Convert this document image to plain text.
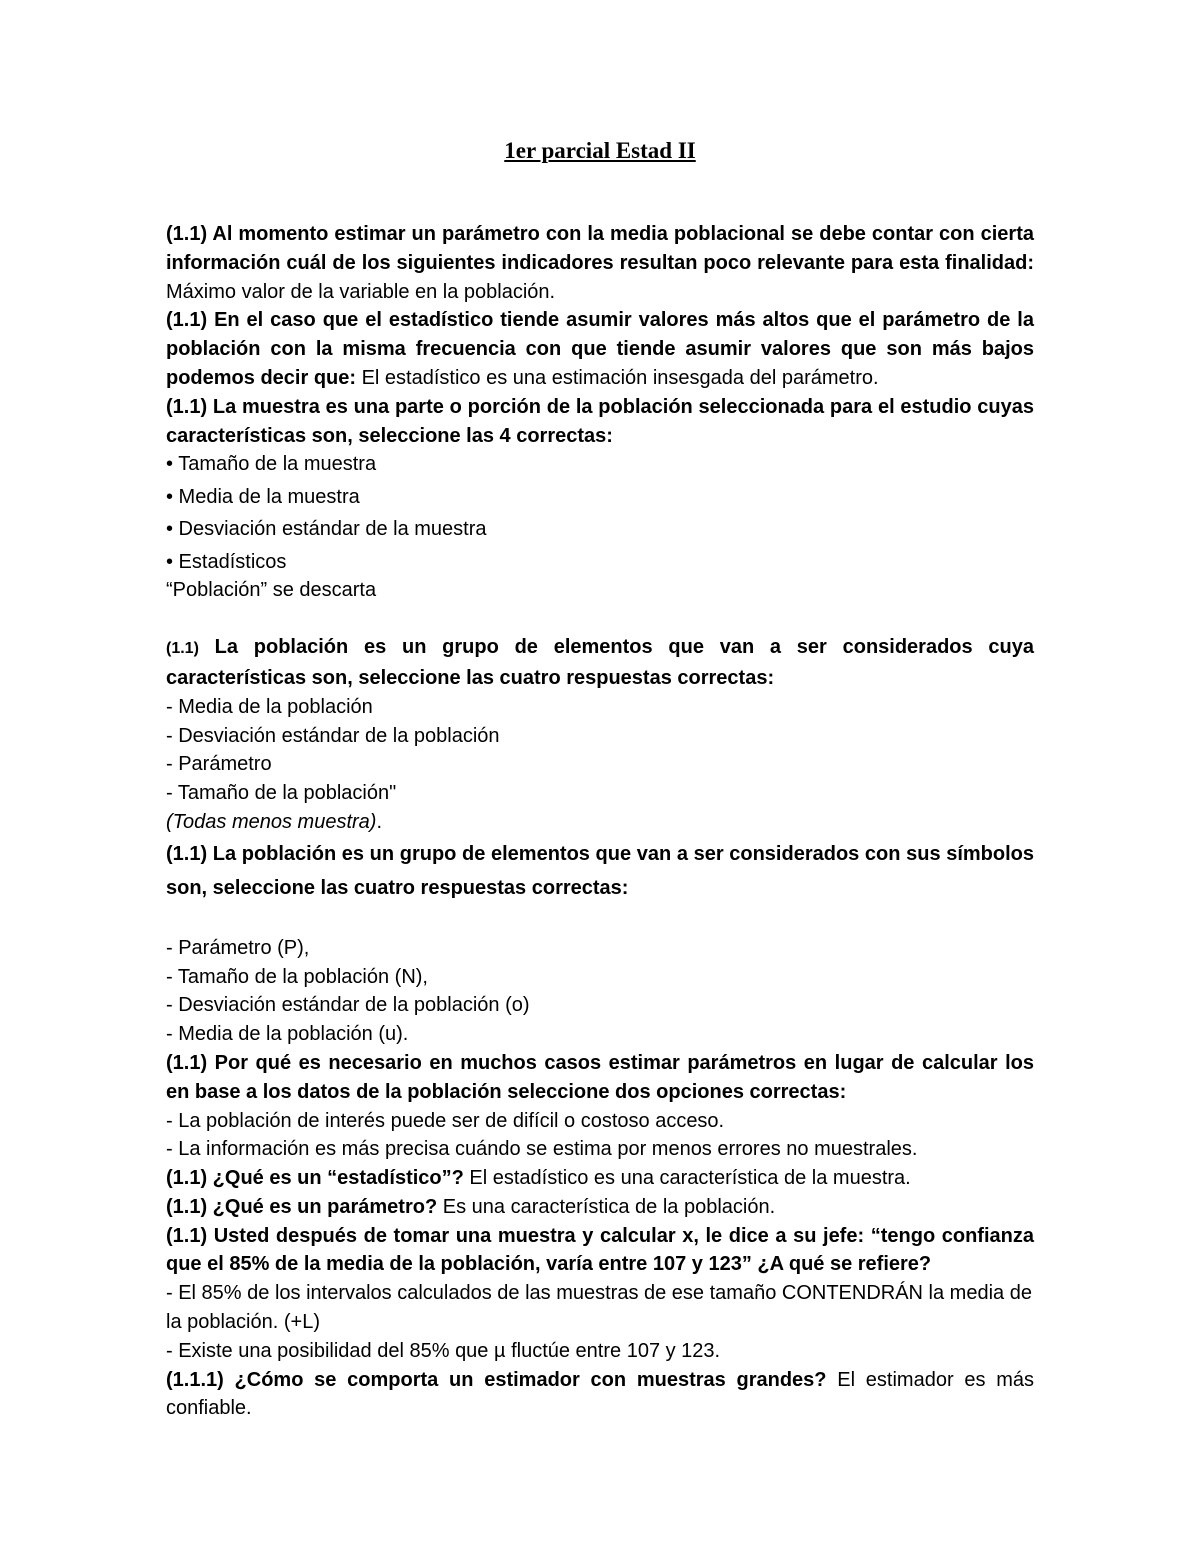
1er parcial Estad II

(1.1) Al momento estimar un parámetro con la media poblacional se debe contar con cierta información cuál de los siguientes indicadores resultan poco relevante para esta finalidad: Máximo valor de la variable en la población.

(1.1) En el caso que el estadístico tiende asumir valores más altos que el parámetro de la población con la misma frecuencia con que tiende asumir valores que son más bajos podemos decir que: El estadístico es una estimación insesgada del parámetro.

(1.1) La muestra es una parte o porción de la población seleccionada para el estudio cuyas características son, seleccione las 4 correctas:

• Tamaño de la muestra

• Media de la muestra

• Desviación estándar de la muestra

• Estadísticos

“Población” se descarta

(1.1) La población es un grupo de elementos que van a ser considerados cuya características son, seleccione las cuatro respuestas correctas:

- Media de la población

- Desviación estándar de la población

- Parámetro

- Tamaño de la población"

(Todas menos muestra).

(1.1) La población es un grupo de elementos que van a ser considerados con sus símbolos son, seleccione las cuatro respuestas correctas:

- Parámetro (P),

- Tamaño de la población (N),

- Desviación estándar de la población (o)

- Media de la población (u).

(1.1) Por qué es necesario en muchos casos estimar parámetros en lugar de calcular los en base a los datos de la población seleccione dos opciones correctas:

- La población de interés puede ser de difícil o costoso acceso.

- La información es más precisa cuándo se estima por menos errores no muestrales.

(1.1) ¿Qué es un “estadístico”? El estadístico es una característica de la muestra.

(1.1) ¿Qué es un parámetro? Es una característica de la población.

(1.1) Usted después de tomar una muestra y calcular x, le dice a su jefe: “tengo confianza que el 85% de la media de la población, varía entre 107 y 123” ¿A qué se refiere?

- El 85% de los intervalos calculados de las muestras de ese tamaño CONTENDRÁN la media de la población. (+L)

- Existe una posibilidad del 85% que µ fluctúe entre 107 y 123.

(1.1.1) ¿Cómo se comporta un estimador con muestras grandes? El estimador es más confiable.
